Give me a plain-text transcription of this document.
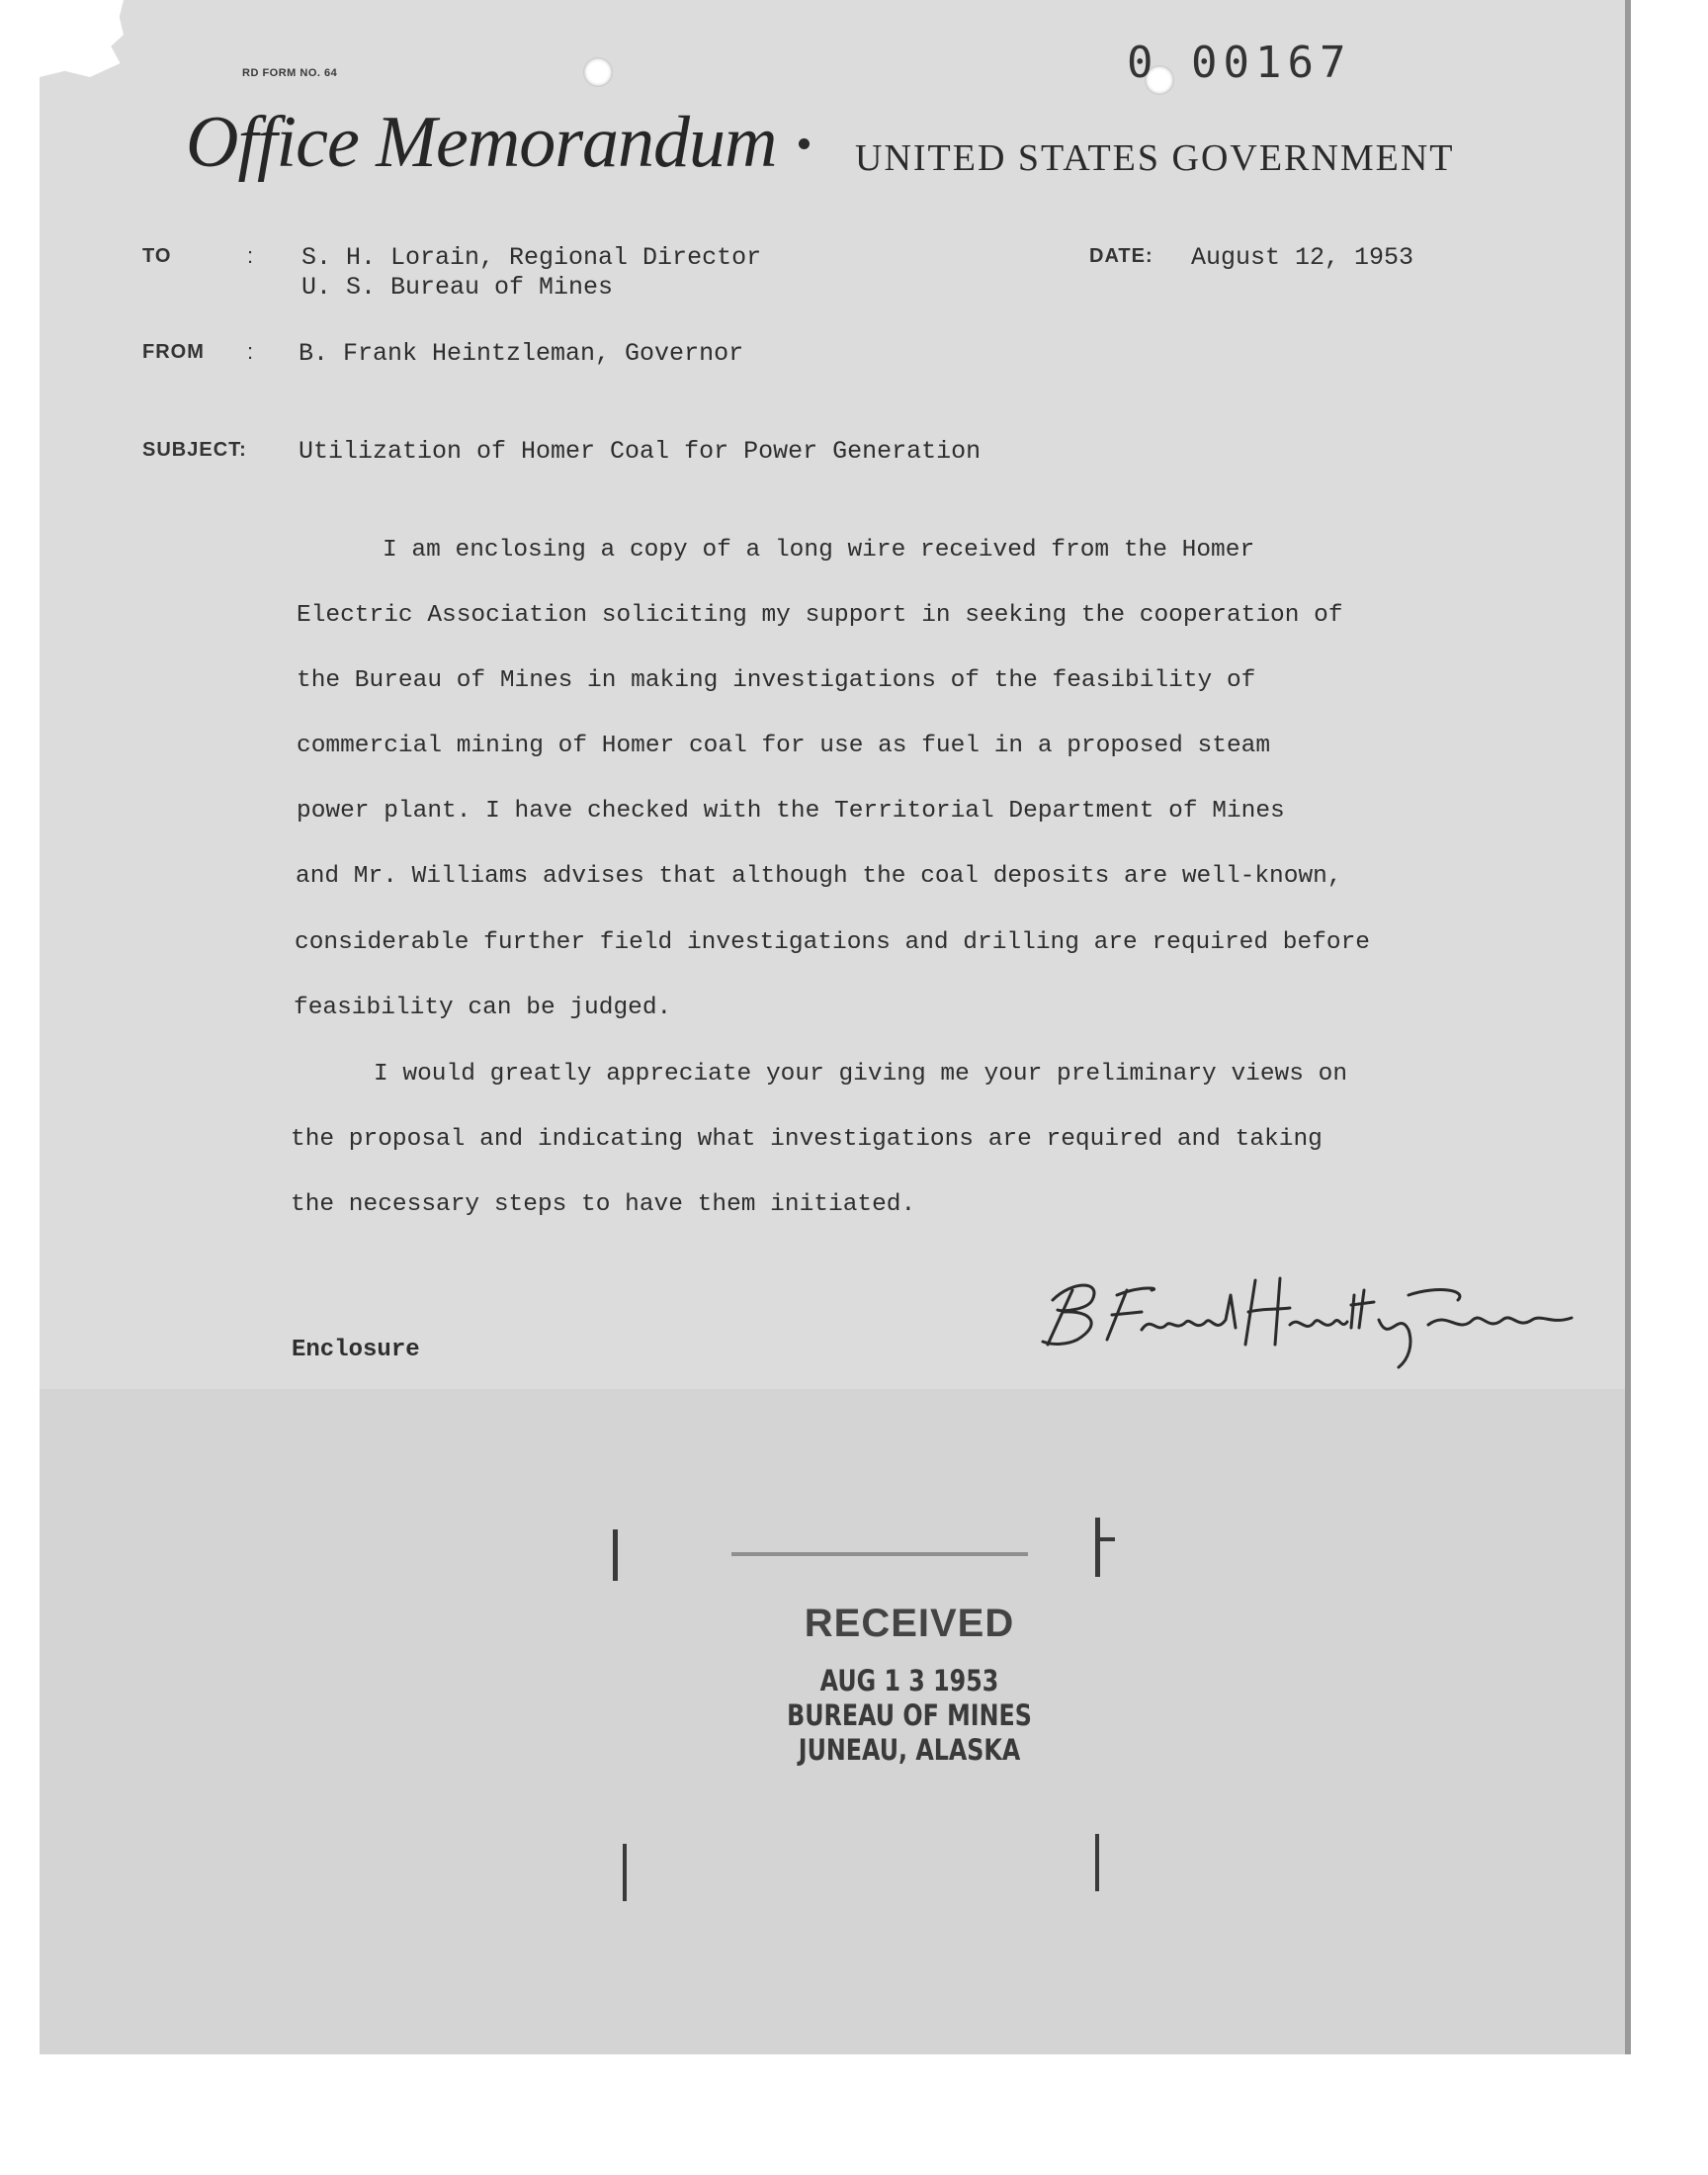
RD FORM NO. 64	0 00167
Office Memorandum UNITED STATES GOVERNMENT
TO	: S. H. Lorain, Regional Director
U. S. Bureau of Mines
DATE: August 12, 1953
FROM : B. Frank Heintzleman, Governor
SUBJECT: Utilization of Homer Coal for Power Generation
I am enclosing a copy of a long wire received from the Homer
Electric Association soliciting my support in seeking the cooperation of
the Bureau of Mines in making investigations of the feasibility of
commercial mining of Homer coal for use as fuel in a proposed steam
power plant. I have checked with the Territorial Department of Mines
and Mr. Williams advises that although the coal deposits are well-known,
considerable further field investigations and drilling are required before
feasibility can be judged.
I would greatly appreciate your giving me your preliminary views on
the proposal and indicating what investigations are required and taking
the necessary steps to have them initiated.
Enclosure
RECEIVED
AUG 1 3 1953
BUREAU OF MINES
JUNEAU, ALASKA
